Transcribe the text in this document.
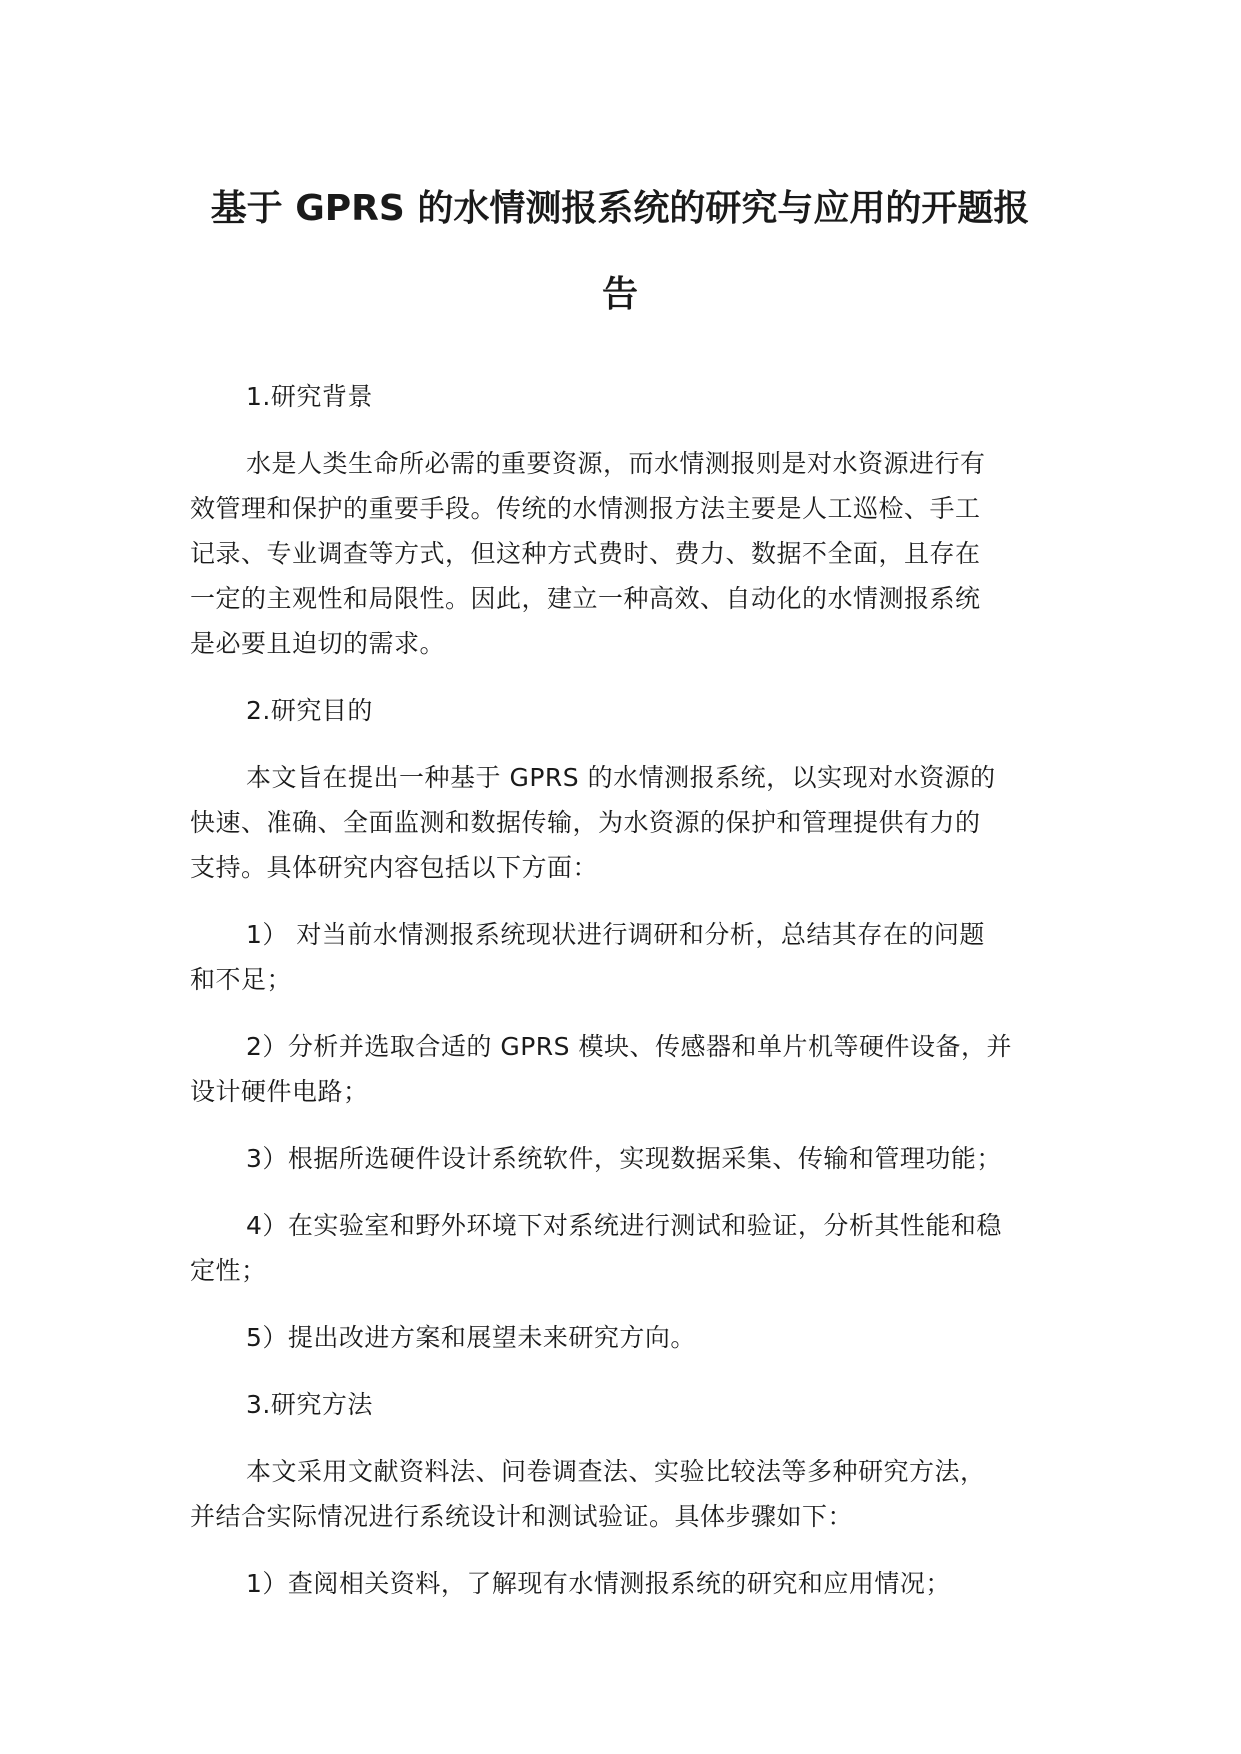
基于 GPRS 的水情测报系统的研究与应用的开题报
告

1.研究背景

水是人类生命所必需的重要资源，而水情测报则是对水资源进行有
效管理和保护的重要手段。传统的水情测报方法主要是人工巡检、手工
记录、专业调查等方式，但这种方式费时、费力、数据不全面，且存在
一定的主观性和局限性。因此，建立一种高效、自动化的水情测报系统
是必要且迫切的需求。

2.研究目的

本文旨在提出一种基于 GPRS 的水情测报系统，以实现对水资源的
快速、准确、全面监测和数据传输，为水资源的保护和管理提供有力的
支持。具体研究内容包括以下方面：

1） 对当前水情测报系统现状进行调研和分析，总结其存在的问题
和不足；

2）分析并选取合适的 GPRS 模块、传感器和单片机等硬件设备，并
设计硬件电路；

3）根据所选硬件设计系统软件，实现数据采集、传输和管理功能；

4）在实验室和野外环境下对系统进行测试和验证，分析其性能和稳
定性；

5）提出改进方案和展望未来研究方向。

3.研究方法

本文采用文献资料法、问卷调查法、实验比较法等多种研究方法，
并结合实际情况进行系统设计和测试验证。具体步骤如下：

1）查阅相关资料，了解现有水情测报系统的研究和应用情况；
